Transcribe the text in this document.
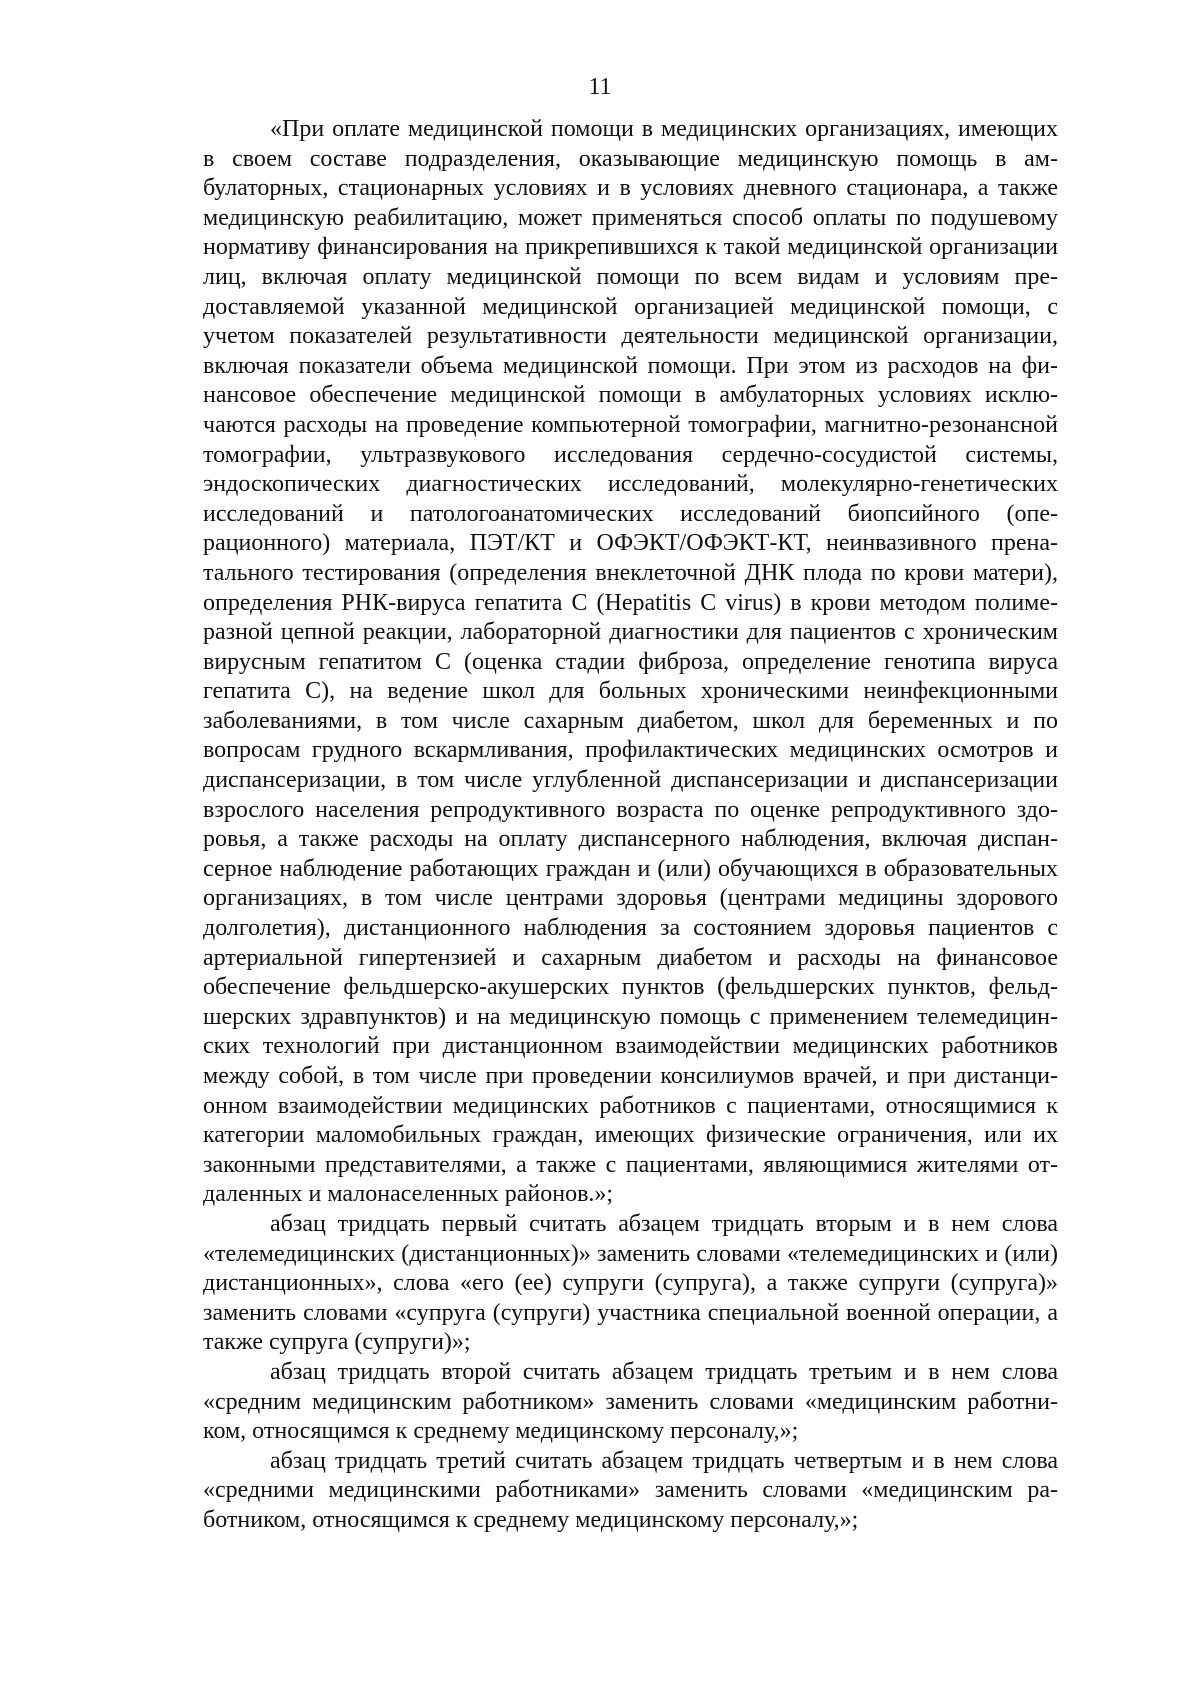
11

«При оплате медицинской помощи в медицинских организациях, имеющих в своем составе подразделения, оказывающие медицинскую помощь в амбулаторных, стационарных условиях и в условиях дневного стационара, а также медицинскую реабилитацию, может применяться способ оплаты по подушевому нормативу финансирования на прикрепившихся к такой медицинской организации лиц, включая оплату медицинской помощи по всем видам и условиям предоставляемой указанной медицинской организацией медицинской помощи, с учетом показателей результативности деятельности медицинской организации, включая показатели объема медицинской помощи. При этом из расходов на финансовое обеспечение медицинской помощи в амбулаторных условиях исключаются расходы на проведение компьютерной томографии, магнитно-резонансной томографии, ультразвукового исследования сердечно-сосудистой системы, эндоскопических диагностических исследований, молекулярно-генетических исследований и патологоанатомических исследований биопсийного (операционного) материала, ПЭТ/КТ и ОФЭКТ/ОФЭКТ-КТ, неинвазивного пренатального тестирования (определения внеклеточной ДНК плода по крови матери), определения РНК-вируса гепатита С (Hepatitis C virus) в крови методом полимеразной цепной реакции, лабораторной диагностики для пациентов с хроническим вирусным гепатитом С (оценка стадии фиброза, определение генотипа вируса гепатита С), на ведение школ для больных хроническими неинфекционными заболеваниями, в том числе сахарным диабетом, школ для беременных и по вопросам грудного вскармливания, профилактических медицинских осмотров и диспансеризации, в том числе углубленной диспансеризации и диспансеризации взрослого населения репродуктивного возраста по оценке репродуктивного здоровья, а также расходы на оплату диспансерного наблюдения, включая диспансерное наблюдение работающих граждан и (или) обучающихся в образовательных организациях, в том числе центрами здоровья (центрами медицины здорового долголетия), дистанционного наблюдения за состоянием здоровья пациентов с артериальной гипертензией и сахарным диабетом и расходы на финансовое обеспечение фельдшерско-акушерских пунктов (фельдшерских пунктов, фельдшерских здравпунктов) и на медицинскую помощь с применением телемедицинских технологий при дистанционном взаимодействии медицинских работников между собой, в том числе при проведении консилиумов врачей, и при дистанционном взаимодействии медицинских работников с пациентами, относящимися к категории маломобильных граждан, имеющих физические ограничения, или их законными представителями, а также с пациентами, являющимися жителями отдаленных и малонаселенных районов.»;

абзац тридцать первый считать абзацем тридцать вторым и в нем слова «телемедицинских (дистанционных)» заменить словами «телемедицинских и (или) дистанционных», слова «его (ее) супруги (супруга), а также супруги (супруга)» заменить словами «супруга (супруги) участника специальной военной операции, а также супруга (супруги)»;

абзац тридцать второй считать абзацем тридцать третьим и в нем слова «средним медицинским работником» заменить словами «медицинским работником, относящимся к среднему медицинскому персоналу,»;

абзац тридцать третий считать абзацем тридцать четвертым и в нем слова «средними медицинскими работниками» заменить словами «медицинским работником, относящимся к среднему медицинскому персоналу,»;
